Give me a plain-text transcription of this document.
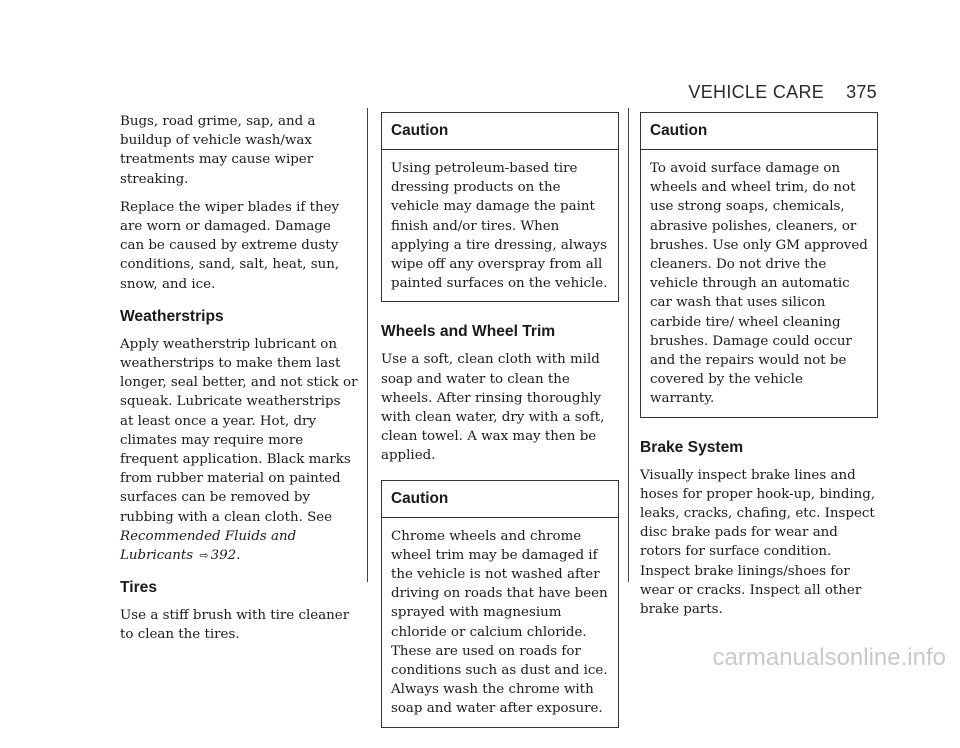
VEHICLE CARE 375

Bugs, road grime, sap, and a buildup of vehicle wash/wax treatments may cause wiper streaking.

Replace the wiper blades if they are worn or damaged. Damage can be caused by extreme dusty conditions, sand, salt, heat, sun, snow, and ice.

Weatherstrips

Apply weatherstrip lubricant on weatherstrips to make them last longer, seal better, and not stick or squeak. Lubricate weatherstrips at least once a year. Hot, dry climates may require more frequent application. Black marks from rubber material on painted surfaces can be removed by rubbing with a clean cloth. See Recommended Fluids and Lubricants ⇨ 392.

Tires

Use a stiff brush with tire cleaner to clean the tires.

Caution

Using petroleum-based tire dressing products on the vehicle may damage the paint finish and/or tires. When applying a tire dressing, always wipe off any overspray from all painted surfaces on the vehicle.

Wheels and Wheel Trim

Use a soft, clean cloth with mild soap and water to clean the wheels. After rinsing thoroughly with clean water, dry with a soft, clean towel. A wax may then be applied.

Caution

Chrome wheels and chrome wheel trim may be damaged if the vehicle is not washed after driving on roads that have been sprayed with magnesium chloride or calcium chloride. These are used on roads for conditions such as dust and ice. Always wash the chrome with soap and water after exposure.

Caution

To avoid surface damage on wheels and wheel trim, do not use strong soaps, chemicals, abrasive polishes, cleaners, or brushes. Use only GM approved cleaners. Do not drive the vehicle through an automatic car wash that uses silicon carbide tire/ wheel cleaning brushes. Damage could occur and the repairs would not be covered by the vehicle warranty.

Brake System

Visually inspect brake lines and hoses for proper hook-up, binding, leaks, cracks, chafing, etc. Inspect disc brake pads for wear and rotors for surface condition. Inspect brake linings/shoes for wear or cracks. Inspect all other brake parts.

carmanualsonline.info
